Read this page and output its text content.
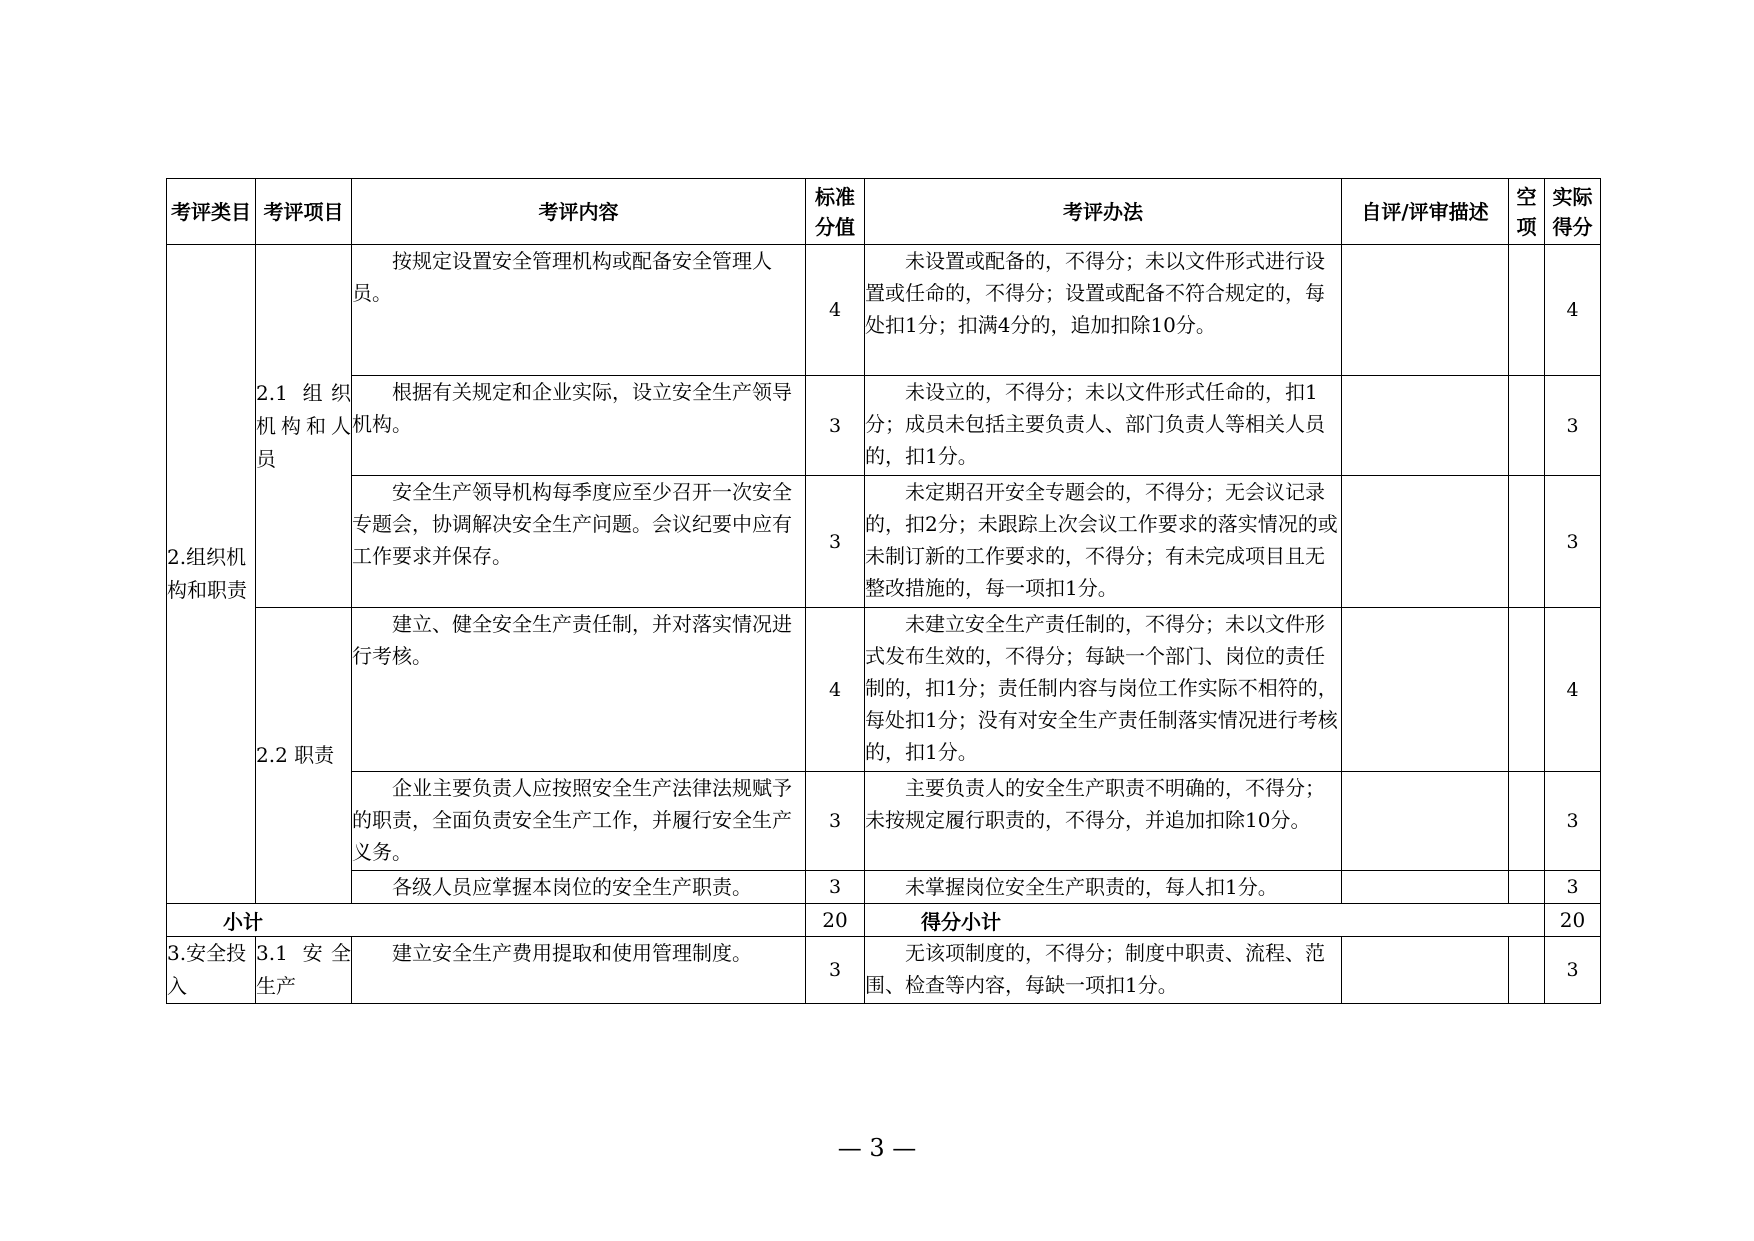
考评类目	考评项目	考评内容	标准分值	考评办法	自评/评审描述	空项	实际得分
2.组织机构和职责	2.1 组织机构和人员	按规定设置安全管理机构或配备安全管理人员。	4	未设置或配备的，不得分；未以文件形式进行设置或任命的，不得分；设置或配备不符合规定的，每处扣1分；扣满4分的，追加扣除10分。			4
		根据有关规定和企业实际，设立安全生产领导机构。	3	未设立的，不得分；未以文件形式任命的，扣1分；成员未包括主要负责人、部门负责人等相关人员的，扣1分。			3
		安全生产领导机构每季度应至少召开一次安全专题会，协调解决安全生产问题。会议纪要中应有工作要求并保存。	3	未定期召开安全专题会的，不得分；无会议记录的，扣2分；未跟踪上次会议工作要求的落实情况的或未制订新的工作要求的，不得分；有未完成项目且无整改措施的，每一项扣1分。			3
	2.2 职责	建立、健全安全生产责任制，并对落实情况进行考核。	4	未建立安全生产责任制的，不得分；未以文件形式发布生效的，不得分；每缺一个部门、岗位的责任制的，扣1分；责任制内容与岗位工作实际不相符的，每处扣1分；没有对安全生产责任制落实情况进行考核的，扣1分。			4
		企业主要负责人应按照安全生产法律法规赋予的职责，全面负责安全生产工作，并履行安全生产义务。	3	主要负责人的安全生产职责不明确的，不得分；未按规定履行职责的，不得分，并追加扣除10分。			3
		各级人员应掌握本岗位的安全生产职责。	3	未掌握岗位安全生产职责的，每人扣1分。			3
小计			20	得分小计			20
3.安全投入	3.1 安全生产	建立安全生产费用提取和使用管理制度。	3	无该项制度的，不得分；制度中职责、流程、范围、检查等内容，每缺一项扣1分。			3
— 3 —
